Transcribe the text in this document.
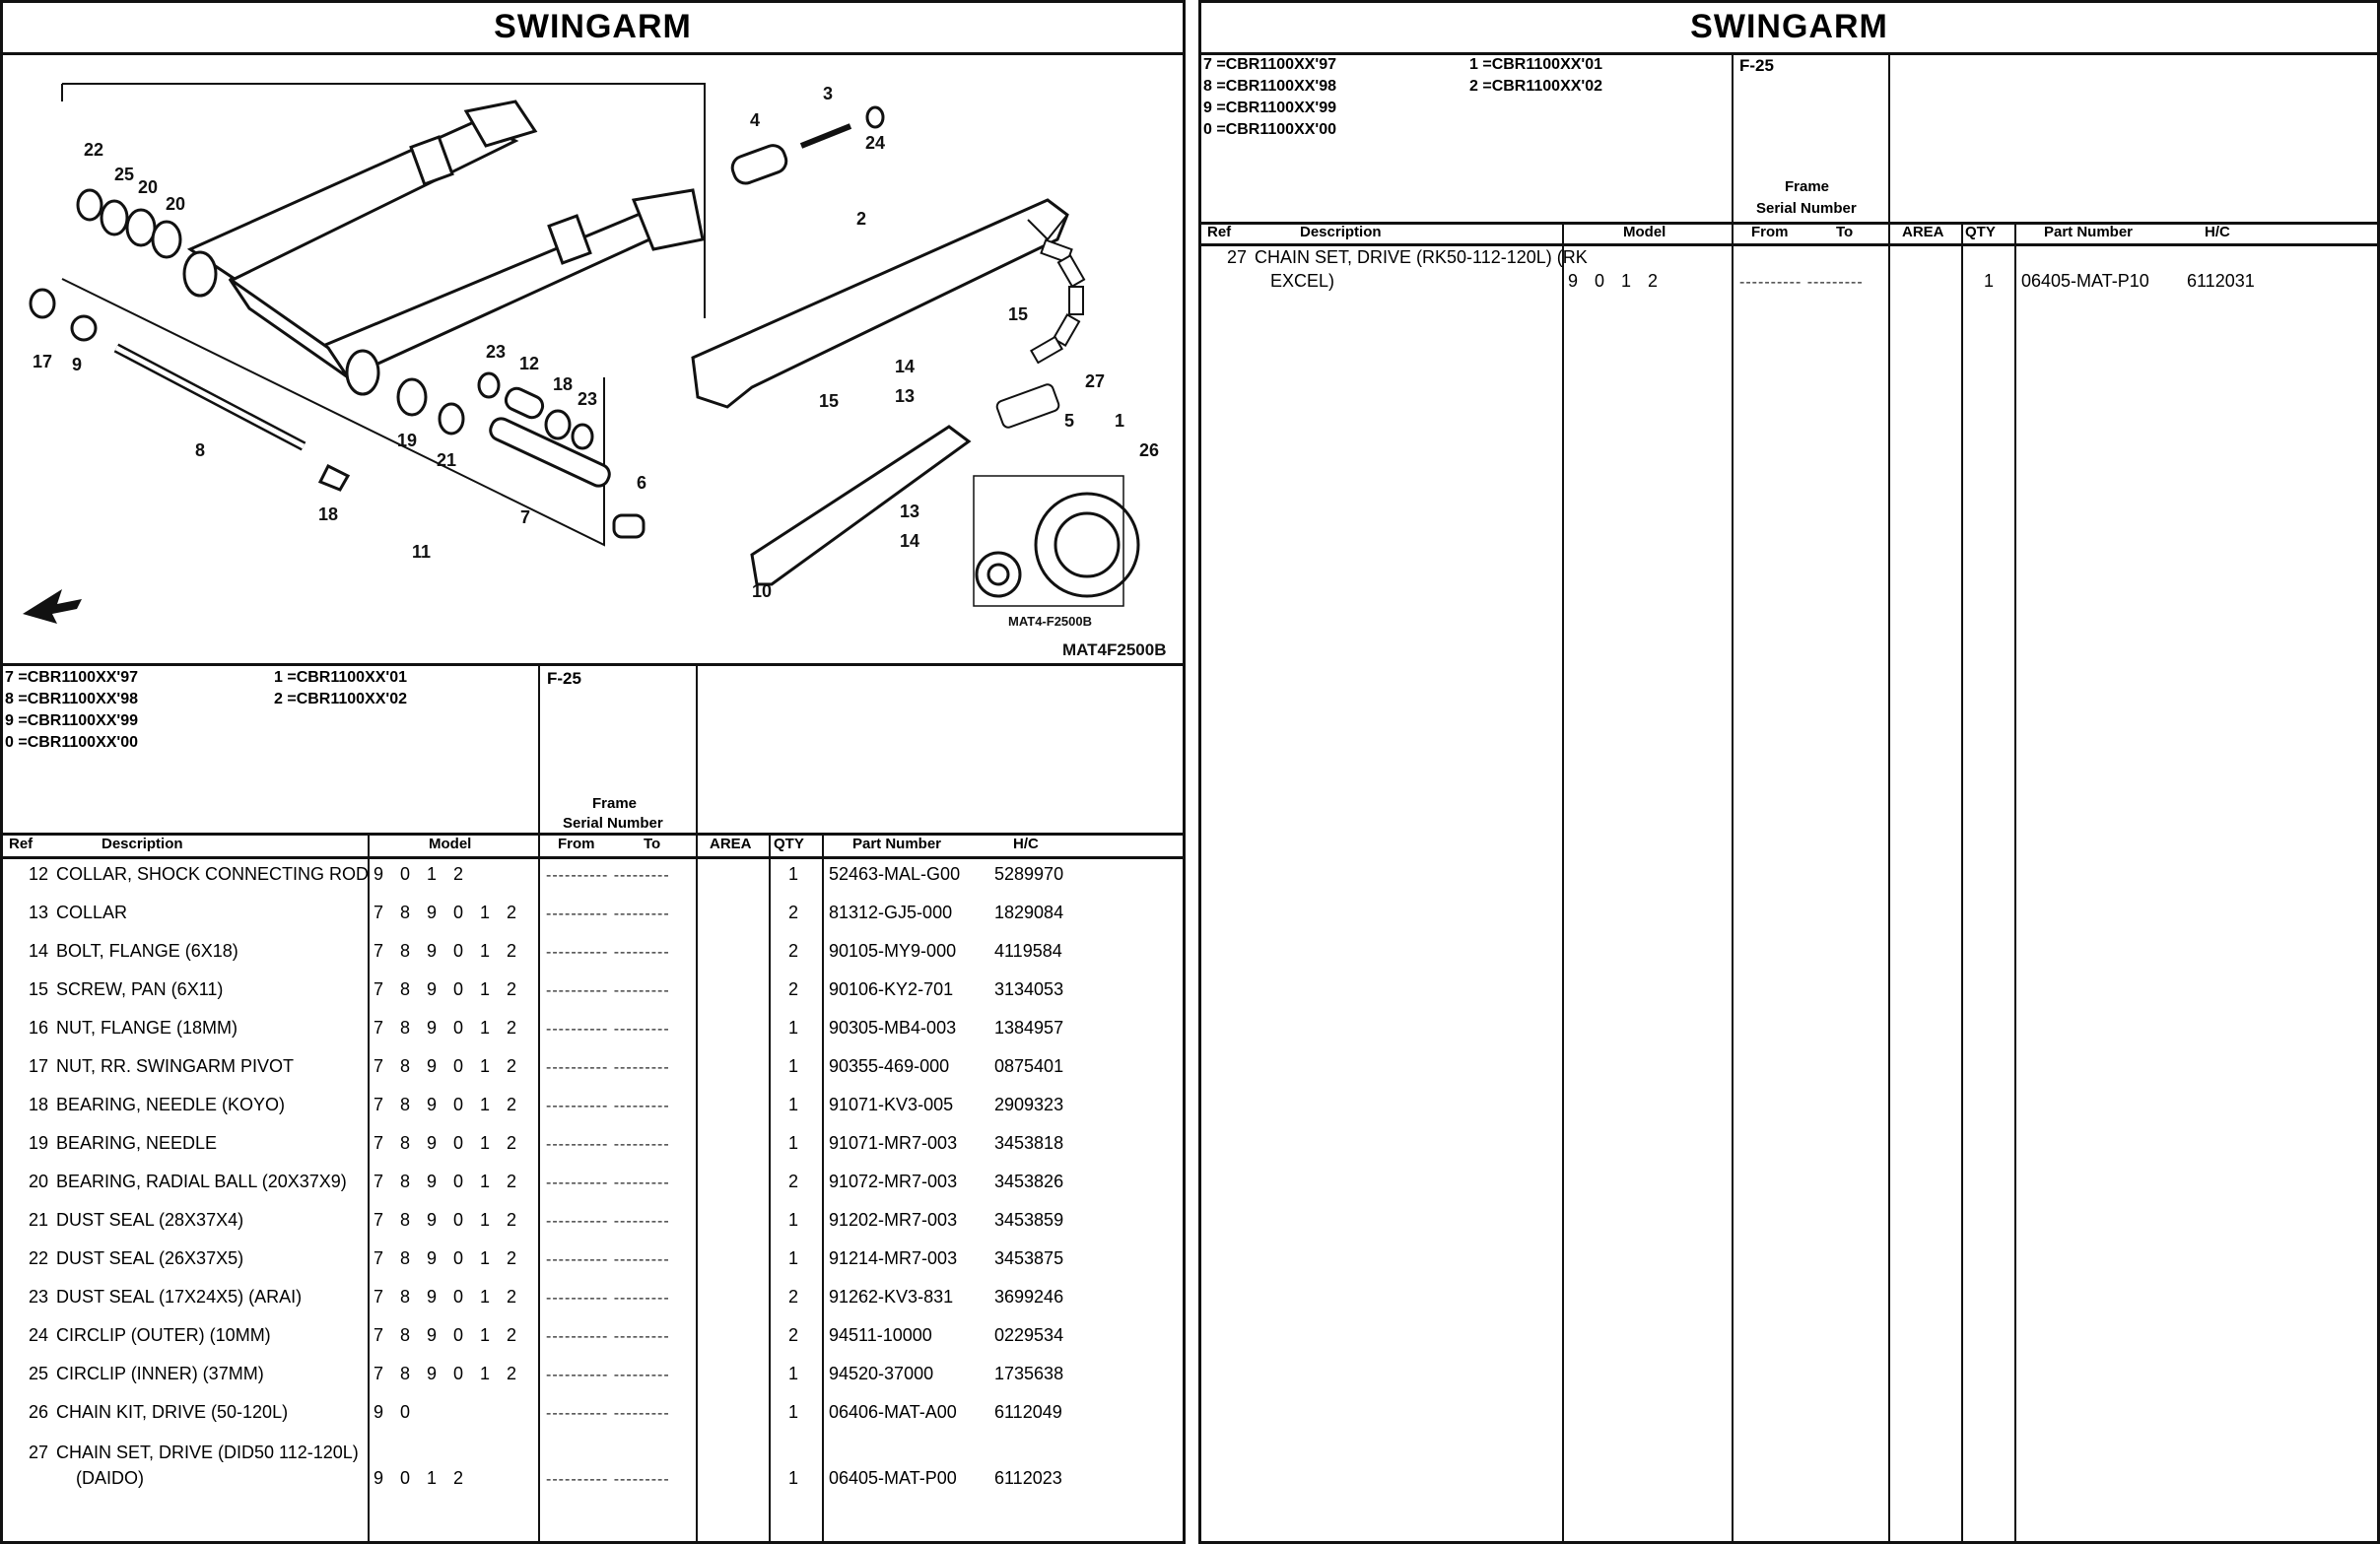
SWINGARM
22
25
20
20
17 9
8
18
11
4
3
24
2
23
12
18
23
19
21
7
6
15
14
13
15
27
5 1
26
10
13
14
MAT4-F2500B
MAT4F2500B
7 =CBR1100XX'97
8 =CBR1100XX'98
9 =CBR1100XX'99
0 =CBR1100XX'00
1 =CBR1100XX'01
2 =CBR1100XX'02
F-25
Frame
Serial Number
Ref	Description	Model	From	To	AREA QTY	Part Number	H/C
12 COLLAR, SHOCK CONNECTING ROD 9 0 1 2	---------- ---------	1 52463-MAL-G00 5289970
13 COLLAR	7 8 9 0 1 2 ---------- ---------	2 81312-GJ5-000 1829084
14 BOLT, FLANGE (6X18)	7 8 9 0 1 2 ---------- ---------	2 90105-MY9-000 4119584
15 SCREW, PAN (6X11)	7 8 9 0 1 2 ---------- ---------	2 90106-KY2-701 3134053
16 NUT, FLANGE (18MM)	7 8 9 0 1 2 ---------- ---------	1 90305-MB4-003 1384957
17 NUT, RR. SWINGARM PIVOT	7 8 9 0 1 2 ---------- ---------	1 90355-469-000	0875401
18 BEARING, NEEDLE (KOYO)	7 8 9 0 1 2 ---------- ---------	1 91071-KV3-005 2909323
19 BEARING, NEEDLE	7 8 9 0 1 2 ---------- ---------	1 91071-MR7-003 3453818
20 BEARING, RADIAL BALL (20X37X9) 7 8 9 0 1 2 ---------- ---------	2 91072-MR7-003 3453826
21 DUST SEAL (28X37X4)	7 8 9 0 1 2 ---------- ---------	1 91202-MR7-003 3453859
22 DUST SEAL (26X37X5)	7 8 9 0 1 2 ---------- ---------	1 91214-MR7-003 3453875
23 DUST SEAL (17X24X5) (ARAI)	7 8 9 0 1 2 ---------- ---------	2 91262-KV3-831 3699246
24 CIRCLIP (OUTER) (10MM)	7 8 9 0 1 2 ---------- ---------	2 94511-10000	0229534
25 CIRCLIP (INNER) (37MM)	7 8 9 0 1 2 ---------- ---------	1 94520-37000	1735638
26 CHAIN KIT, DRIVE (50-120L)	9 0	---------- ---------	1 06406-MAT-A00 6112049
27 CHAIN SET, DRIVE (DID50 112-120L)
(DAIDO)	9 0 1 2	---------- ---------	1 06405-MAT-P00 6112023
SWINGARM
7 =CBR1100XX'97
8 =CBR1100XX'98
9 =CBR1100XX'99
0 =CBR1100XX'00
1 =CBR1100XX'01
2 =CBR1100XX'02
F-25
Frame
Serial Number
Ref	Description	Model	From	To	AREA QTY	Part Number	H/C
27 CHAIN SET, DRIVE (RK50-112-120L) (RK
EXCEL)	9 0 1 2	---------- ---------	1 06405-MAT-P10 6112031
